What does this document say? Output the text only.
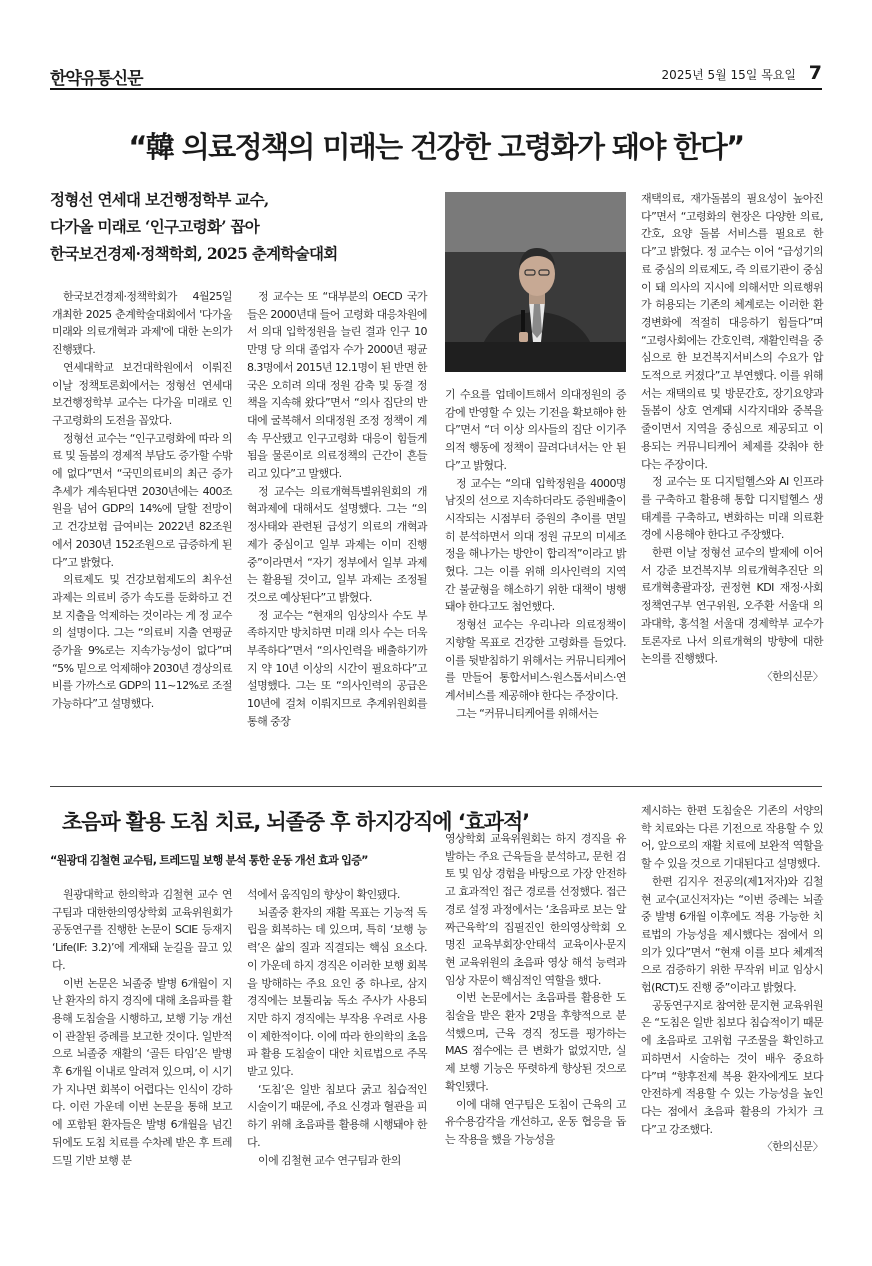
한약유통신문	2025년 5월 15일 목요일 7
“韓 의료정책의 미래는 건강한 고령화가 돼야 한다”
정형선 연세대 보건행정학부 교수,
다가올 미래로 ‘인구고령화’ 꼽아
한국보건경제·정책학회, 2025 춘계학술대회

한국보건경제·정책학회가 4월25일 개최한 2025 춘계학술대회에서 '다가올 미래와 의료개혁과 과제'에 대한 논의가 진행됐다.

연세대학교 보건대학원에서 이뤄진 이날 정책토론회에서는 정형선 연세대 보건행정학부 교수는 다가올 미래로 인구고령화의 도전을 꼽았다.

정형선 교수는 “인구고령화에 따라 의료 및 돌봄의 경제적 부담도 증가할 수밖에 없다”면서 “국민의료비의 최근 증가추세가 계속된다면 2030년에는 400조원을 넘어 GDP의 14%에 달할 전망이고 건강보험 급여비는 2022년 82조원에서 2030년 152조원으로 급증하게 된다”고 밝혔다.

의료제도 및 건강보험제도의 최우선 과제는 의료비 증가 속도를 둔화하고 건보 지출을 억제하는 것이라는 게 정 교수의 설명이다. 그는 “의료비 지출 연평균 증가율 9%로는 지속가능성이 없다”며 “5% 밑으로 억제해야 2030년 경상의료비를 가까스로 GDP의 11~12%로 조절 가능하다”고 설명했다.

정 교수는 또 “대부분의 OECD 국가들은 2000년대 들어 고령화 대응차원에서 의대 입학정원을 늘린 결과 인구 10만명 당 의대 졸업자 수가 2000년 평균 8.3명에서 2015년 12.1명이 된 반면 한국은 오히려 의대 정원 감축 및 동결 정책을 지속해 왔다”면서 “의사 집단의 반대에 굴복해서 의대정원 조정 정책이 계속 무산됐고 인구고령화 대응이 힘들게 됨을 물론이로 의료정책의 근간이 흔들리고 있다”고 말했다.

정 교수는 의료개혁특별위원회의 개혁과제에 대해서도 설명했다. 그는 “의정사태와 관련된 급성기 의료의 개혁과제가 중심이고 일부 과제는 이미 진행 중”이라면서 “자기 정부에서 일부 과제는 활용될 것이고, 일부 과제는 조정될 것으로 예상된다”고 밝혔다.

정 교수는 “현재의 임상의사 수도 부족하지만 방치하면 미래 의사 수는 더욱 부족하다”면서 “의사인력을 배출하기까지 약 10년 이상의 시간이 필요하다”고 설명했다. 그는 또 “의사인력의 공급은 10년에 걸쳐 이뤄지므로 추계위원회를 통해 중장

기 수요를 업데이트해서 의대정원의 증감에 반영할 수 있는 기전을 확보해야 한다”면서 “더 이상 의사들의 집단 이기주의적 행동에 정책이 끌려다녀서는 안 된다”고 밝혔다.

정 교수는 “의대 입학정원을 4000명 남짓의 선으로 지속하더라도 증원배출이 시작되는 시점부터 증원의 추이를 면밀히 분석하면서 의대 정원 규모의 미세조정을 해나가는 방안이 합리적”이라고 밝혔다. 그는 이를 위해 의사인력의 지역 간 불균형을 해소하기 위한 대책이 병행돼야 한다고도 첨언했다.

정형선 교수는 우리나라 의료정책이 지향할 목표로 건강한 고령화를 들었다. 이를 뒷받침하기 위해서는 커뮤니티케어를 만들어 통합서비스·원스톱서비스·연계서비스를 제공해야 한다는 주장이다.

그는 “커뮤니티케어를 위해서는

재택의료, 재가돌봄의 필요성이 높아진다”면서 “고령화의 현장은 다양한 의료, 간호, 요양 돌봄 서비스를 필요로 한다”고 밝혔다. 정 교수는 이어 “급성기의료 중심의 의료제도, 즉 의료기관이 중심이 돼 의사의 지시에 의해서만 의료행위가 허용되는 기존의 체계로는 이러한 환경변화에 적절히 대응하기 힘들다”며 “고령사회에는 간호인력, 재활인력을 중심으로 한 보건복지서비스의 수요가 압도적으로 커졌다”고 부연했다. 이를 위해서는 재택의료 및 방문간호, 장기요양과 돌봄이 상호 연계돼 시각지대와 중복을 줄이면서 지역을 중심으로 제공되고 이용되는 커뮤니티케어 체제를 갖춰야 한다는 주장이다.

정 교수는 또 디지털헬스와 AI 인프라를 구축하고 활용해 통합 디지털헬스 생태계를 구축하고, 변화하는 미래 의료환경에 시용해야 한다고 주장했다.

한편 이날 정형선 교수의 발제에 이어서 강준 보건복지부 의료개혁추진단 의료개혁총괄과장, 권정현 KDI 재정·사회정책연구부 연구위원, 오주환 서울대 의과대학, 홍석철 서울대 경제학부 교수가 토론자로 나서 의료개혁의 방향에 대한 논의를 진행했다.

〈한의신문〉

초음파 활용 도침 치료, 뇌졸중 후 하지강직에 ‘효과적’
“원광대 김철현 교수팀, 트레드밀 보행 분석 통한 운동 개선 효과 입증”

원광대학교 한의학과 김철현 교수 연구팀과 대한한의영상학회 교육위원회가 공동연구를 진행한 논문이 SCIE 등재지 ‘Life(IF: 3.2)’에 게재돼 눈길을 끌고 있다.

이번 논문은 뇌졸중 발병 6개월이 지난 환자의 하지 경직에 대해 초음파를 활용해 도침술을 시행하고, 보행 기능 개선이 관찰된 증례를 보고한 것이다. 일반적으로 뇌졸중 재활의 ‘골든 타임’은 발병 후 6개월 이내로 알려져 있으며, 이 시기가 지나면 회복이 어렵다는 인식이 강하다. 이런 가운데 이번 논문을 통해 보고에 포함된 환자들은 발병 6개월을 넘긴 뒤에도 도침 치료를 수차례 받은 후 트레드밀 기반 보행 분

석에서 움직임의 향상이 확인됐다.

뇌졸중 환자의 재활 목표는 기능적 독립을 회복하는 데 있으며, 특히 ‘보행 능력’은 삶의 질과 직결되는 핵심 요소다. 이 가운데 하지 경직은 이러한 보행 회복을 방해하는 주요 요인 중 하나로, 삼지 경직에는 보툴리눔 독소 주사가 사용되지만 하지 경직에는 부작용 우려로 사용이 제한적이다. 이에 따라 한의학의 초음파 활용 도침술이 대안 치료법으로 주목받고 있다.

‘도침’은 일반 침보다 굵고 침습적인 시술이기 때문에, 주요 신경과 혈관을 피하기 위해 초음파를 활용해 시행돼야 한다.

이에 김철현 교수 연구팀과 한의

영상학회 교육위원회는 하지 경직을 유발하는 주요 근육들을 분석하고, 문헌 검토 및 임상 경험을 바탕으로 가장 안전하고 효과적인 접근 경로를 선정했다. 접근 경로 설정 과정에서는 ‘초음파로 보는 알짜근육학’의 집필진인 한의영상학회 오명진 교육부회장·안태석 교육이사·문지현 교육위원의 초음파 영상 해석 능력과 임상 자문이 핵심적인 역할을 했다.

이번 논문에서는 초음파를 활용한 도침술을 받은 환자 2명을 후향적으로 분석했으며, 근육 경직 정도를 평가하는 MAS 점수에는 큰 변화가 없었지만, 실제 보행 기능은 뚜렷하게 향상된 것으로 확인됐다.

이에 대해 연구팀은 도침이 근육의 고유수용감각을 개선하고, 운동 협응을 돕는 작용을 했을 가능성을

제시하는 한편 도침술은 기존의 서양의학 치료와는 다른 기전으로 작용할 수 있어, 앞으로의 재활 치료에 보완적 역할을 할 수 있을 것으로 기대된다고 설명했다.

한편 김지우 전공의(제1저자)와 김철현 교수(교신저자)는 “이번 증례는 뇌졸중 발병 6개월 이후에도 적용 가능한 치료법의 가능성을 제시했다는 점에서 의의가 있다”면서 “현재 이를 보다 체계적으로 검증하기 위한 무작위 비교 임상시험(RCT)도 진행 중”이라고 밝혔다.

공동연구지로 참여한 문지현 교육위원은 “도침은 일반 침보다 침습적이기 때문에 초음파로 고위험 구조물을 확인하고 피하면서 시술하는 것이 배우 중요하다”며 “향후전제 복용 환자에게도 보다 안전하게 적용할 수 있는 가능성을 높인다는 점에서 초음파 활용의 가치가 크다”고 강조했다.

〈한의신문〉
